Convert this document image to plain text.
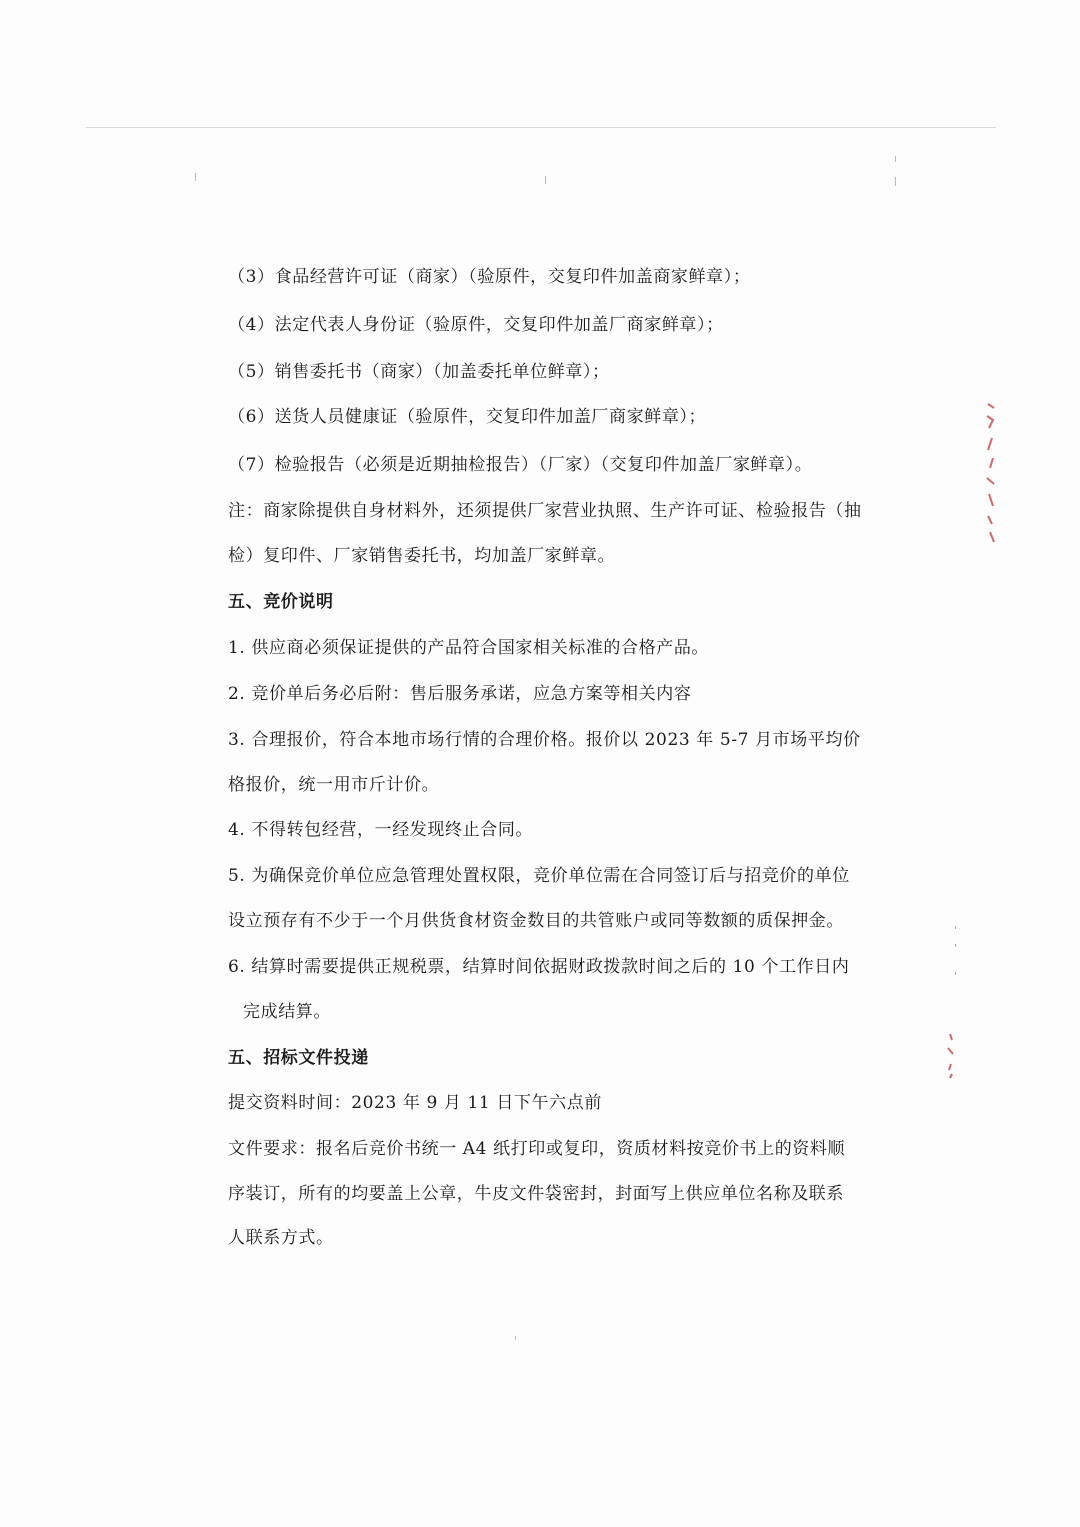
（3）食品经营许可证（商家）（验原件，交复印件加盖商家鲜章）；
（4）法定代表人身份证（验原件，交复印件加盖厂商家鲜章）；
（5）销售委托书（商家）（加盖委托单位鲜章）；
（6）送货人员健康证（验原件，交复印件加盖厂商家鲜章）；
（7）检验报告（必须是近期抽检报告）（厂家）（交复印件加盖厂家鲜章）。
注：商家除提供自身材料外，还须提供厂家营业执照、生产许可证、检验报告（抽
检）复印件、厂家销售委托书，均加盖厂家鲜章。
五、竞价说明
1. 供应商必须保证提供的产品符合国家相关标准的合格产品。
2. 竞价单后务必后附：售后服务承诺，应急方案等相关内容
3. 合理报价，符合本地市场行情的合理价格。报价以 2023 年 5-7 月市场平均价
格报价，统一用市斤计价。
4. 不得转包经营，一经发现终止合同。
5. 为确保竞价单位应急管理处置权限，竞价单位需在合同签订后与招竞价的单位
设立预存有不少于一个月供货食材资金数目的共管账户或同等数额的质保押金。
6. 结算时需要提供正规税票，结算时间依据财政拨款时间之后的 10 个工作日内
完成结算。
五、招标文件投递
提交资料时间：2023 年 9 月 11 日下午六点前
文件要求：报名后竞价书统一 A4 纸打印或复印，资质材料按竞价书上的资料顺
序装订，所有的均要盖上公章，牛皮文件袋密封，封面写上供应单位名称及联系
人联系方式。
